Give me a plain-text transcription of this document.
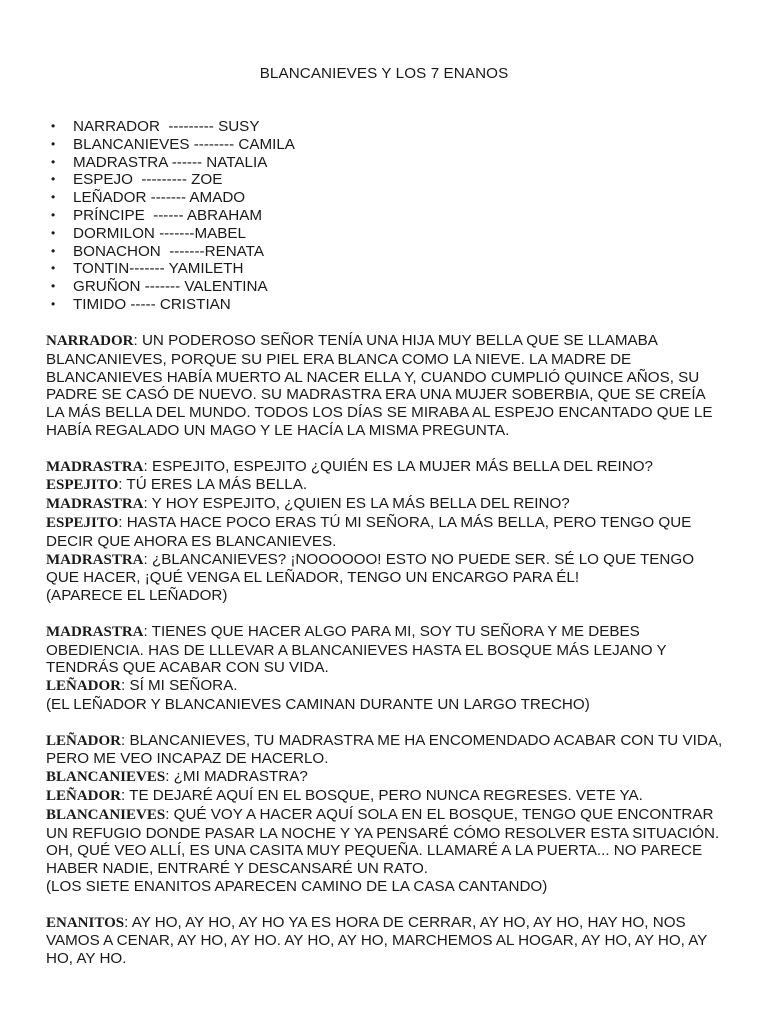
BLANCANIEVES Y LOS 7 ENANOS
• NARRADOR  --------- SUSY
• BLANCANIEVES -------- CAMILA
• MADRASTRA ------ NATALIA
• ESPEJO  --------- ZOE
• LEÑADOR ------- AMADO
• PRÍNCIPE  ------ ABRAHAM
• DORMILON -------MABEL
• BONACHON  -------RENATA
• TONTIN------- YAMILETH
• GRUÑON ------- VALENTINA
• TIMIDO ----- CRISTIAN
NARRADOR: UN PODEROSO SEÑOR TENÍA UNA HIJA MUY BELLA QUE SE LLAMABA
BLANCANIEVES, PORQUE SU PIEL ERA BLANCA COMO LA NIEVE. LA MADRE DE
BLANCANIEVES HABÍA MUERTO AL NACER ELLA Y, CUANDO CUMPLIÓ QUINCE AÑOS, SU
PADRE SE CASÓ DE NUEVO. SU MADRASTRA ERA UNA MUJER SOBERBIA, QUE SE CREÍA
LA MÁS BELLA DEL MUNDO. TODOS LOS DÍAS SE MIRABA AL ESPEJO ENCANTADO QUE LE
HABÍA REGALADO UN MAGO Y LE HACÍA LA MISMA PREGUNTA.
MADRASTRA: ESPEJITO, ESPEJITO ¿QUIÉN ES LA MUJER MÁS BELLA DEL REINO?
ESPEJITO: TÚ ERES LA MÁS BELLA.
MADRASTRA: Y HOY ESPEJITO, ¿QUIEN ES LA MÁS BELLA DEL REINO?
ESPEJITO: HASTA HACE POCO ERAS TÚ MI SEÑORA, LA MÁS BELLA, PERO TENGO QUE
DECIR QUE AHORA ES BLANCANIEVES.
MADRASTRA: ¿BLANCANIEVES? ¡NOOOOOO! ESTO NO PUEDE SER. SÉ LO QUE TENGO
QUE HACER, ¡QUÉ VENGA EL LEÑADOR, TENGO UN ENCARGO PARA ÉL!
(APARECE EL LEÑADOR)
MADRASTRA: TIENES QUE HACER ALGO PARA MI, SOY TU SEÑORA Y ME DEBES
OBEDIENCIA. HAS DE LLLEVAR A BLANCANIEVES HASTA EL BOSQUE MÁS LEJANO Y
TENDRÁS QUE ACABAR CON SU VIDA.
LEÑADOR: SÍ MI SEÑORA.
(EL LEÑADOR Y BLANCANIEVES CAMINAN DURANTE UN LARGO TRECHO)
LEÑADOR: BLANCANIEVES, TU MADRASTRA ME HA ENCOMENDADO ACABAR CON TU VIDA,
PERO ME VEO INCAPAZ DE HACERLO.
BLANCANIEVES: ¿MI MADRASTRA?
LEÑADOR: TE DEJARÉ AQUÍ EN EL BOSQUE, PERO NUNCA REGRESES. VETE YA.
BLANCANIEVES: QUÉ VOY A HACER AQUÍ SOLA EN EL BOSQUE, TENGO QUE ENCONTRAR
UN REFUGIO DONDE PASAR LA NOCHE Y YA PENSARÉ CÓMO RESOLVER ESTA SITUACIÓN.
OH, QUÉ VEO ALLÍ, ES UNA CASITA MUY PEQUEÑA. LLAMARÉ A LA PUERTA... NO PARECE
HABER NADIE, ENTRARÉ Y DESCANSARÉ UN RATO.
(LOS SIETE ENANITOS APARECEN CAMINO DE LA CASA CANTANDO)
ENANITOS: AY HO, AY HO, AY HO YA ES HORA DE CERRAR, AY HO, AY HO, HAY HO, NOS
VAMOS A CENAR, AY HO, AY HO. AY HO, AY HO, MARCHEMOS AL HOGAR, AY HO, AY HO, AY
HO, AY HO.
